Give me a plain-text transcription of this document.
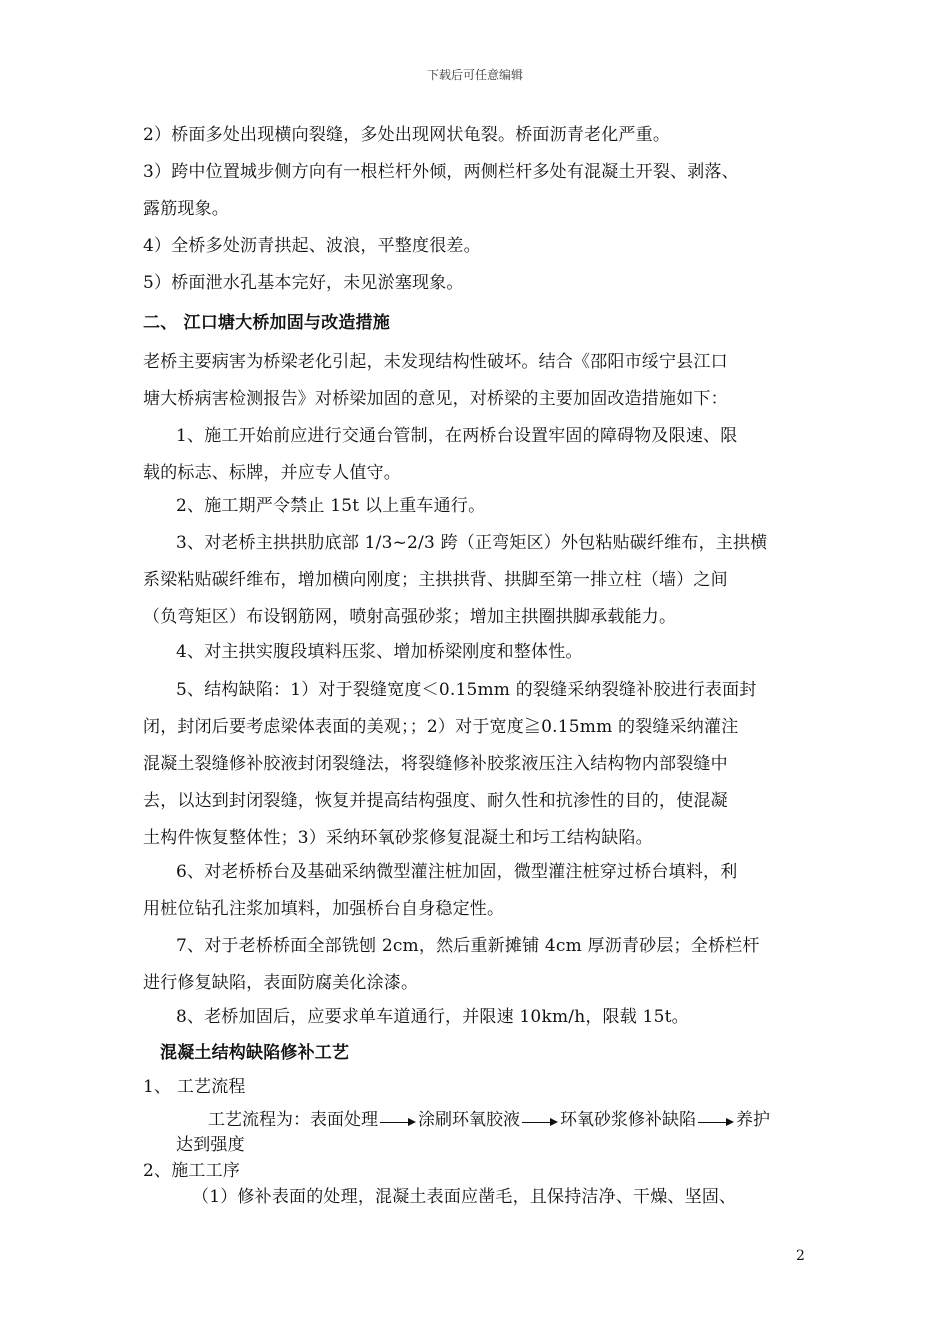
下载后可任意编辑
2）桥面多处出现横向裂缝，多处出现网状龟裂。桥面沥青老化严重。
3）跨中位置城步侧方向有一根栏杆外倾，两侧栏杆多处有混凝土开裂、剥落、
露筋现象。
4）全桥多处沥青拱起、波浪，平整度很差。
5）桥面泄水孔基本完好，未见淤塞现象。
二、 江口塘大桥加固与改造措施
老桥主要病害为桥梁老化引起，未发现结构性破坏。结合《邵阳市绥宁县江口
塘大桥病害检测报告》对桥梁加固的意见，对桥梁的主要加固改造措施如下：
1、施工开始前应进行交通台管制，在两桥台设置牢固的障碍物及限速、限
载的标志、标牌，并应专人值守。
2、施工期严令禁止 15t 以上重车通行。
3、对老桥主拱拱肋底部 1/3~2/3 跨（正弯矩区）外包粘贴碳纤维布，主拱横
系梁粘贴碳纤维布，增加横向刚度；主拱拱背、拱脚至第一排立柱（墙）之间
（负弯矩区）布设钢筋网，喷射高强砂浆；增加主拱圈拱脚承载能力。
4、对主拱实腹段填料压浆、增加桥梁刚度和整体性。
5、结构缺陷：1）对于裂缝宽度＜0.15mm 的裂缝采纳裂缝补胶进行表面封
闭，封闭后要考虑梁体表面的美观；；2）对于宽度≧0.15mm 的裂缝采纳灌注
混凝土裂缝修补胶液封闭裂缝法，将裂缝修补胶浆液压注入结构物内部裂缝中
去，以达到封闭裂缝，恢复并提高结构强度、耐久性和抗渗性的目的，使混凝
土构件恢复整体性；3）采纳环氧砂浆修复混凝土和圬工结构缺陷。
6、对老桥桥台及基础采纳微型灌注桩加固，微型灌注桩穿过桥台填料，利
用桩位钻孔注浆加填料，加强桥台自身稳定性。
7、对于老桥桥面全部铣刨 2cm，然后重新摊铺 4cm 厚沥青砂层；全桥栏杆
进行修复缺陷，表面防腐美化涂漆。
8、老桥加固后，应要求单车道通行，并限速 10km/h，限载 15t。
混凝土结构缺陷修补工艺
1、 工艺流程
工艺流程为：表面处理 涂刷环氧胶液 环氧砂浆修补缺陷 养护
达到强度
2、施工工序
（1）修补表面的处理，混凝土表面应凿毛，且保持洁净、干燥、坚固、
2
